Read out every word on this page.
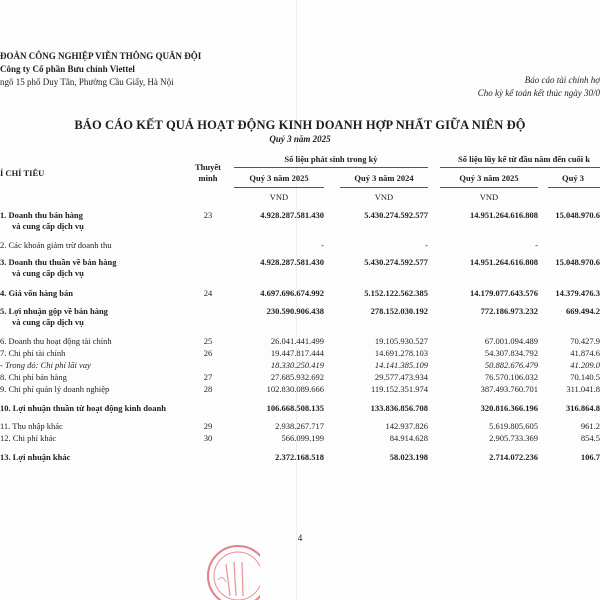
ĐOÀN CÔNG NGHIỆP VIỄN THÔNG QUÂN ĐỘI
Công ty Cổ phần Bưu chính Viettel
ngõ 15 phố Duy Tân, Phường Cầu Giấy, Hà Nội	Báo cáo tài chính hợ
Cho kỳ kế toán kết thúc ngày 30/0
BÁO CÁO KẾT QUẢ HOẠT ĐỘNG KINH DOANH HỢP NHẤT GIỮA NIÊN ĐỘ
Quý 3 năm 2025
Ỉ CHỈ TIÊU
Thuyết
minh
Số liệu phát sinh trong kỳ	Số liệu lũy kế từ đầu năm đến cuối k
Quý 3 năm 2025	Quý 3 năm 2024	Quý 3 năm 2025	Quý 3
VND	VND	VND
1. Doanh thu bán hàng
và cung cấp dịch vụ
23	4.928.287.581.430	5.430.274.592.577	14.951.264.616.808	15.048.970.6
2. Các khoản giảm trừ doanh thu	-	-	-
3. Doanh thu thuần về bán hàng
và cung cấp dịch vụ
4.928.287.581.430	5.430.274.592.577	14.951.264.616.808	15.048.970.6
4. Giá vốn hàng bán	24	4.697.696.674.992	5.152.122.562.385	14.179.077.643.576	14.379.476.3
5. Lợi nhuận gộp về bán hàng
và cung cấp dịch vụ
230.590.906.438	278.152.030.192	772.186.973.232	669.494.2
6. Doanh thu hoạt động tài chính	25	26.041.441.499	19.105.930.527	67.001.094.489	70.427.9
7. Chi phí tài chính	26	19.447.817.444	14.691.278.103	54.307.834.792	41.874.6
- Trong đó: Chi phí lãi vay	18.330.250.419	14.141.385.109	50.882.676.479	41.209.0
8. Chi phí bán hàng	27	27.685.932.692	29.577.473.934	76.570.106.032	70.140.5
9. Chi phí quản lý doanh nghiệp	28	102.830.089.666	119.152.351.974	387.493.760.701	311.041.8
10. Lợi nhuận thuần từ hoạt động kinh doanh	106.668.508.135	133.836.856.708	320.816.366.196	316.864.8
11. Thu nhập khác	29	2.938.267.717	142.937.826	5.619.805.605	961.2
12. Chi phí khác	30	566.099.199	84.914.628	2.905.733.369	854.5
13. Lợi nhuận khác	2.372.168.518	58.023.198	2.714.072.236	106.7
4
